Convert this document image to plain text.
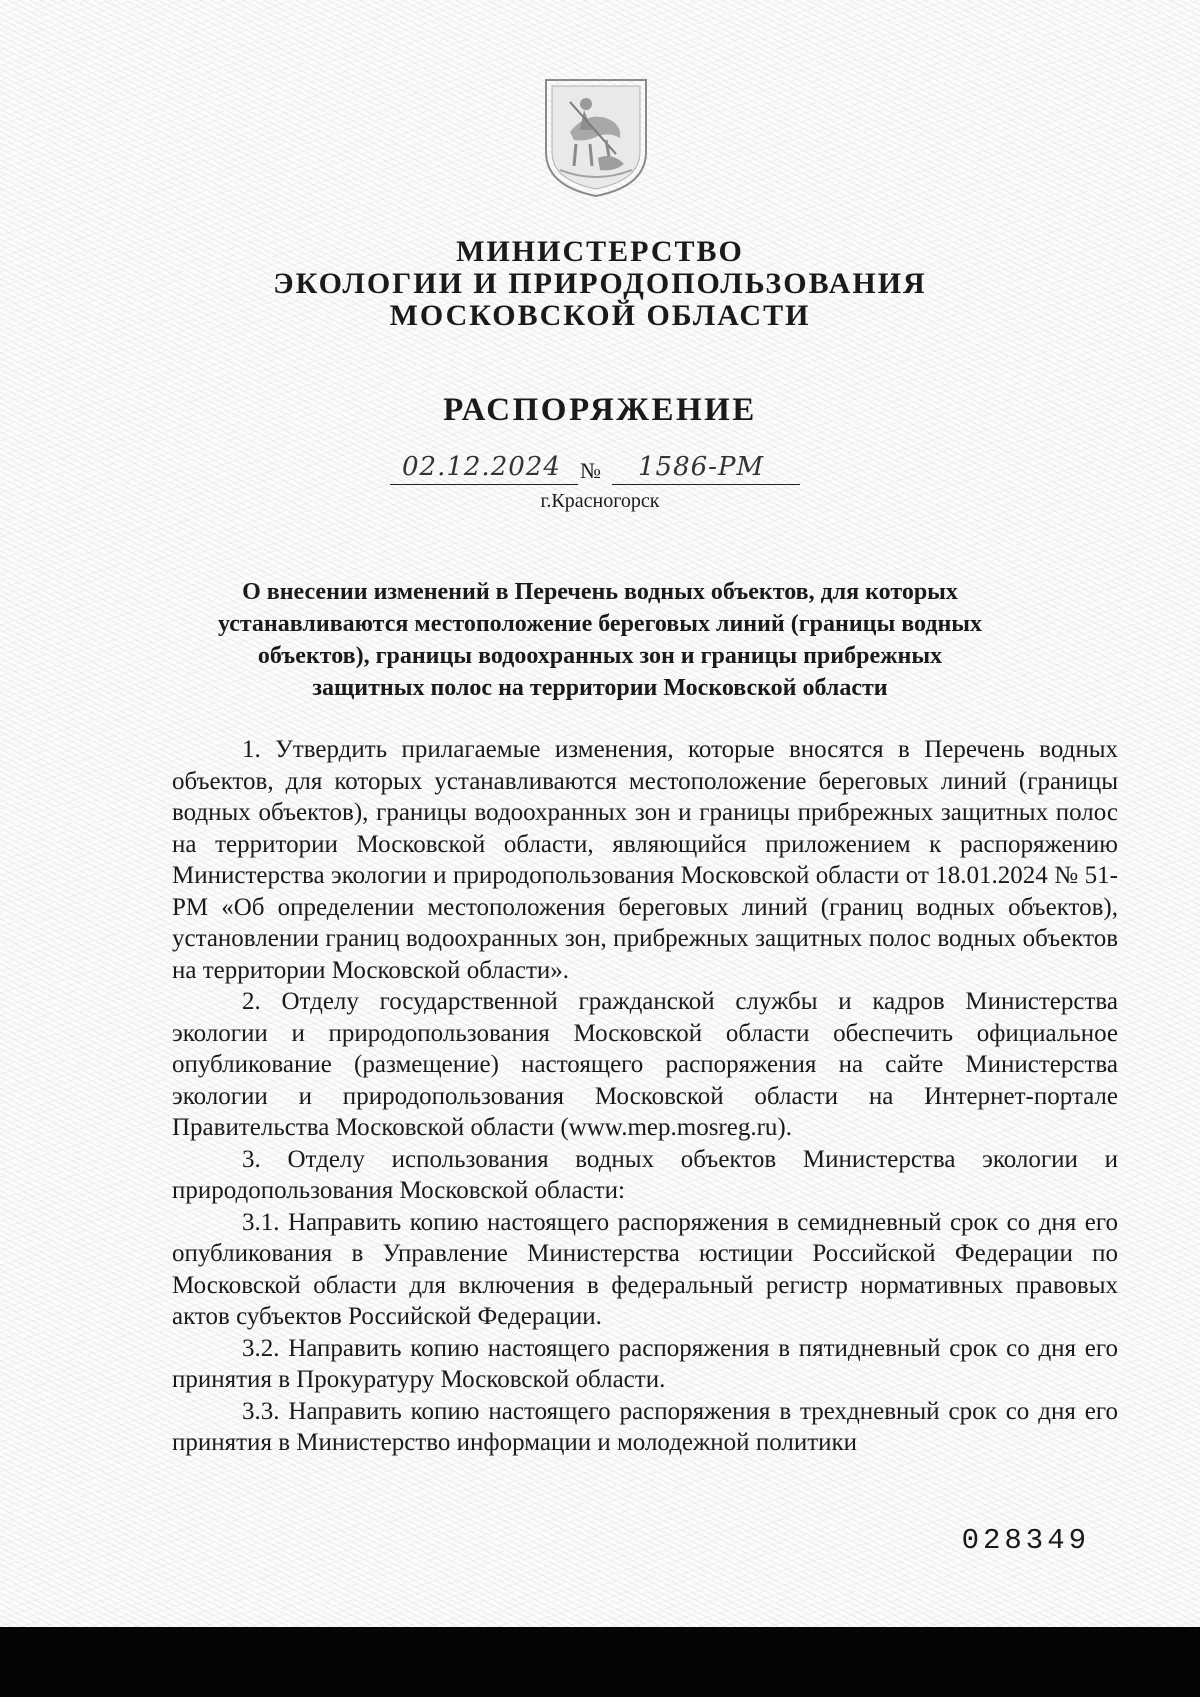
МИНИСТЕРСТВО
ЭКОЛОГИИ И ПРИРОДОПОЛЬЗОВАНИЯ
МОСКОВСКОЙ ОБЛАСТИ
РАСПОРЯЖЕНИЕ
02.12.2024 № 1586-РМ
г.Красногорск
О внесении изменений в Перечень водных объектов, для которых
устанавливаются местоположение береговых линий (границы водных
объектов), границы водоохранных зон и границы прибрежных
защитных полос на территории Московской области

1. Утвердить прилагаемые изменения, которые вносятся в Перечень водных объектов, для которых устанавливаются местоположение береговых линий (границы водных объектов), границы водоохранных зон и границы прибрежных защитных полос на территории Московской области, являющийся приложением к распоряжению Министерства экологии и природопользования Московской области от 18.01.2024 № 51-РМ «Об определении местоположения береговых линий (границ водных объектов), установлении границ водоохранных зон, прибрежных защитных полос водных объектов на территории Московской области».

2. Отделу государственной гражданской службы и кадров Министерства экологии и природопользования Московской области обеспечить официальное опубликование (размещение) настоящего распоряжения на сайте Министерства экологии и природопользования Московской области на Интернет-портале Правительства Московской области (www.mep.mosreg.ru).

3. Отделу использования водных объектов Министерства экологии и природопользования Московской области:

3.1. Направить копию настоящего распоряжения в семидневный срок со дня его опубликования в Управление Министерства юстиции Российской Федерации по Московской области для включения в федеральный регистр нормативных правовых актов субъектов Российской Федерации.

3.2. Направить копию настоящего распоряжения в пятидневный срок со дня его принятия в Прокуратуру Московской области.

3.3. Направить копию настоящего распоряжения в трехдневный срок со дня его принятия в Министерство информации и молодежной политики

028349
